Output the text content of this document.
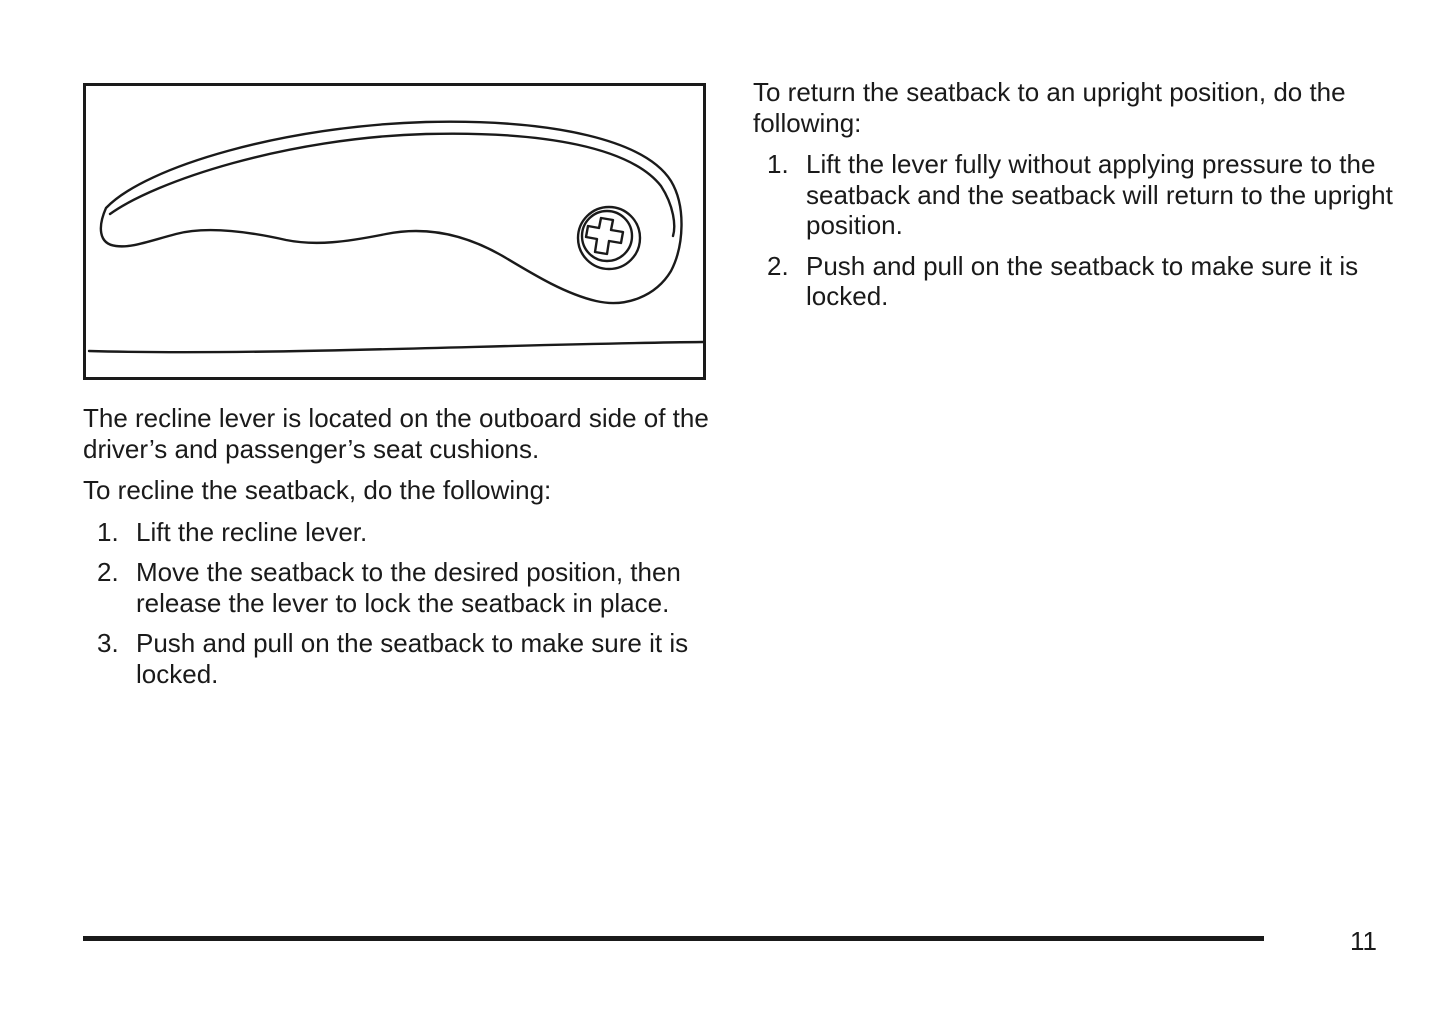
The recline lever is located on the outboard side of the driver’s and passenger’s seat cushions.

To recline the seatback, do the following:

1. Lift the recline lever.
2. Move the seatback to the desired position, then release the lever to lock the seatback in place.
3. Push and pull on the seatback to make sure it is locked.

To return the seatback to an upright position, do the following:

1. Lift the lever fully without applying pressure to the seatback and the seatback will return to the upright position.
2. Push and pull on the seatback to make sure it is locked.
11
